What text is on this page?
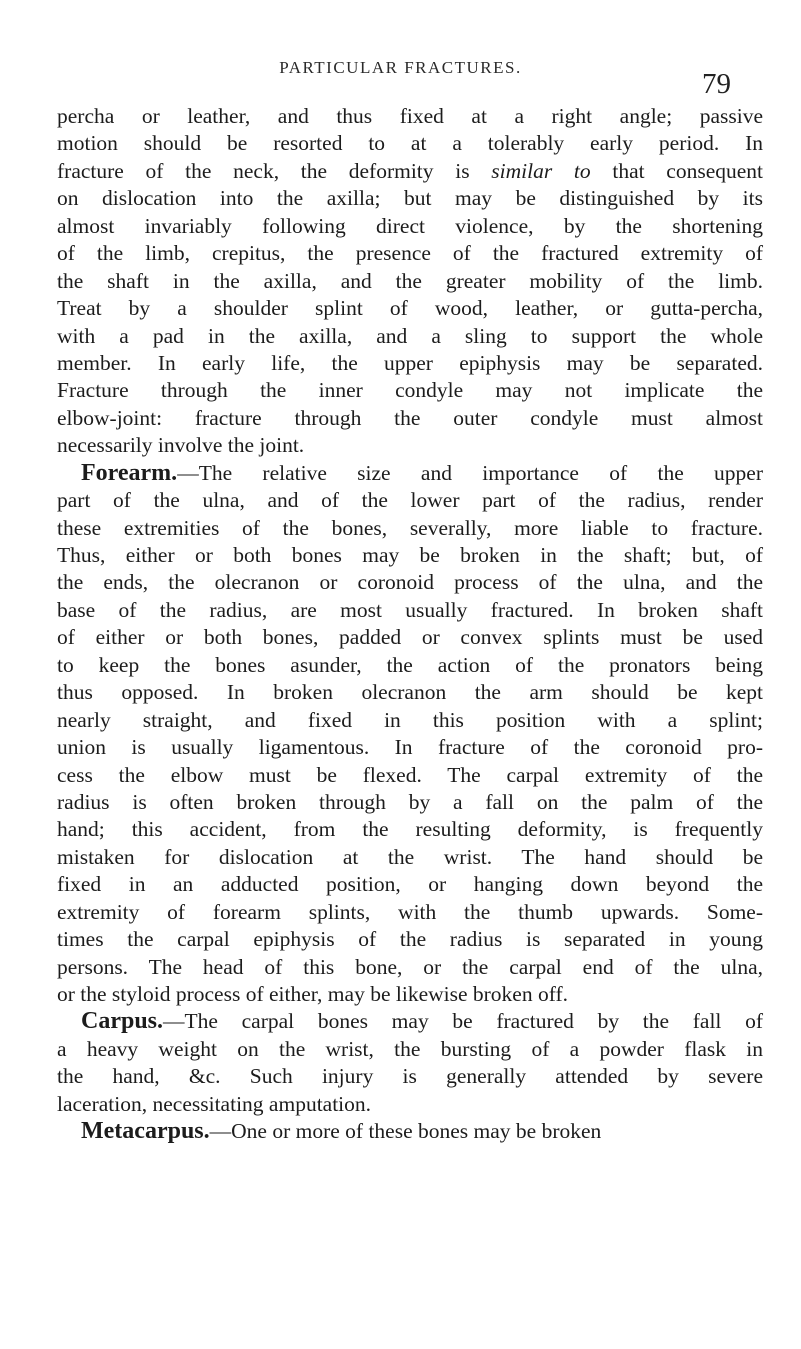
PARTICULAR FRACTURES.
79
percha or leather, and thus fixed at a right angle; passive
motion should be resorted to at a tolerably early period. In
fracture of the neck, the deformity is similar to that consequent
on dislocation into the axilla; but may be distinguished by its
almost invariably following direct violence, by the shortening
of the limb, crepitus, the presence of the fractured extremity of
the shaft in the axilla, and the greater mobility of the limb.
Treat by a shoulder splint of wood, leather, or gutta-percha,
with a pad in the axilla, and a sling to support the whole
member. In early life, the upper epiphysis may be separated.
Fracture through the inner condyle may not implicate the
elbow-joint: fracture through the outer condyle must almost
necessarily involve the joint.
Forearm.—The relative size and importance of the upper
part of the ulna, and of the lower part of the radius, render
these extremities of the bones, severally, more liable to fracture.
Thus, either or both bones may be broken in the shaft; but, of
the ends, the olecranon or coronoid process of the ulna, and the
base of the radius, are most usually fractured. In broken shaft
of either or both bones, padded or convex splints must be used
to keep the bones asunder, the action of the pronators being
thus opposed. In broken olecranon the arm should be kept
nearly straight, and fixed in this position with a splint;
union is usually ligamentous. In fracture of the coronoid pro-
cess the elbow must be flexed. The carpal extremity of the
radius is often broken through by a fall on the palm of the
hand; this accident, from the resulting deformity, is frequently
mistaken for dislocation at the wrist. The hand should be
fixed in an adducted position, or hanging down beyond the
extremity of forearm splints, with the thumb upwards. Some-
times the carpal epiphysis of the radius is separated in young
persons. The head of this bone, or the carpal end of the ulna,
or the styloid process of either, may be likewise broken off.
Carpus.—The carpal bones may be fractured by the fall of
a heavy weight on the wrist, the bursting of a powder flask in
the hand, &c. Such injury is generally attended by severe
laceration, necessitating amputation.
Metacarpus.—One or more of these bones may be broken
